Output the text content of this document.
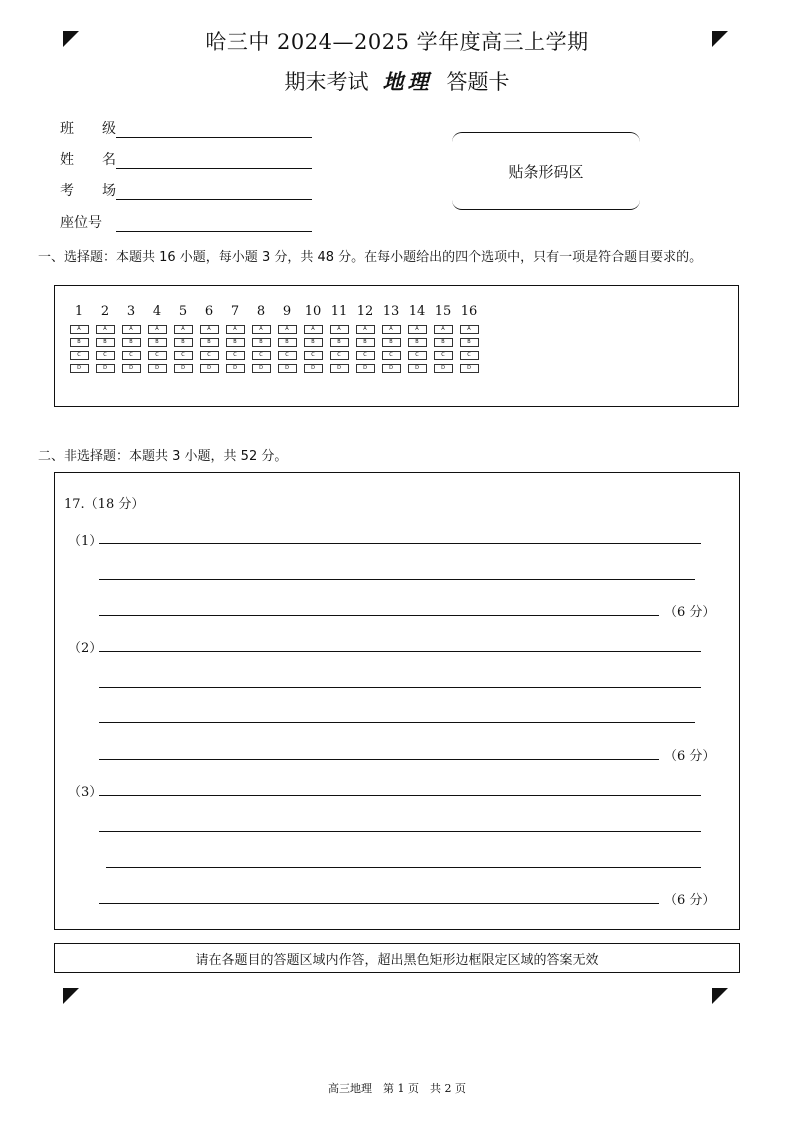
哈三中 2024—2025 学年度高三上学期
期末考试 地理 答题卡
班　　级
姓　　名
考　　场
座位号
贴条形码区
一、选择题：本题共 16 小题，每小题 3 分，共 48 分。在每小题给出的四个选项中，只有一项是符合题目要求的。
1
A
B
C
D
2
A
B
C
D
3
A
B
C
D
4
A
B
C
D
5
A
B
C
D
6
A
B
C
D
7
A
B
C
D
8
A
B
C
D
9
A
B
C
D
10
A
B
C
D
11
A
B
C
D
12
A
B
C
D
13
A
B
C
D
14
A
B
C
D
15
A
B
C
D
16
A
B
C
D
二、非选择题：本题共 3 小题，共 52 分。
17.（18 分）
（1）
（6 分）
（2）
（6 分）
（3）
（6 分）
请在各题目的答题区域内作答，超出黑色矩形边框限定区域的答案无效
高三地理　第 1 页　共 2 页
